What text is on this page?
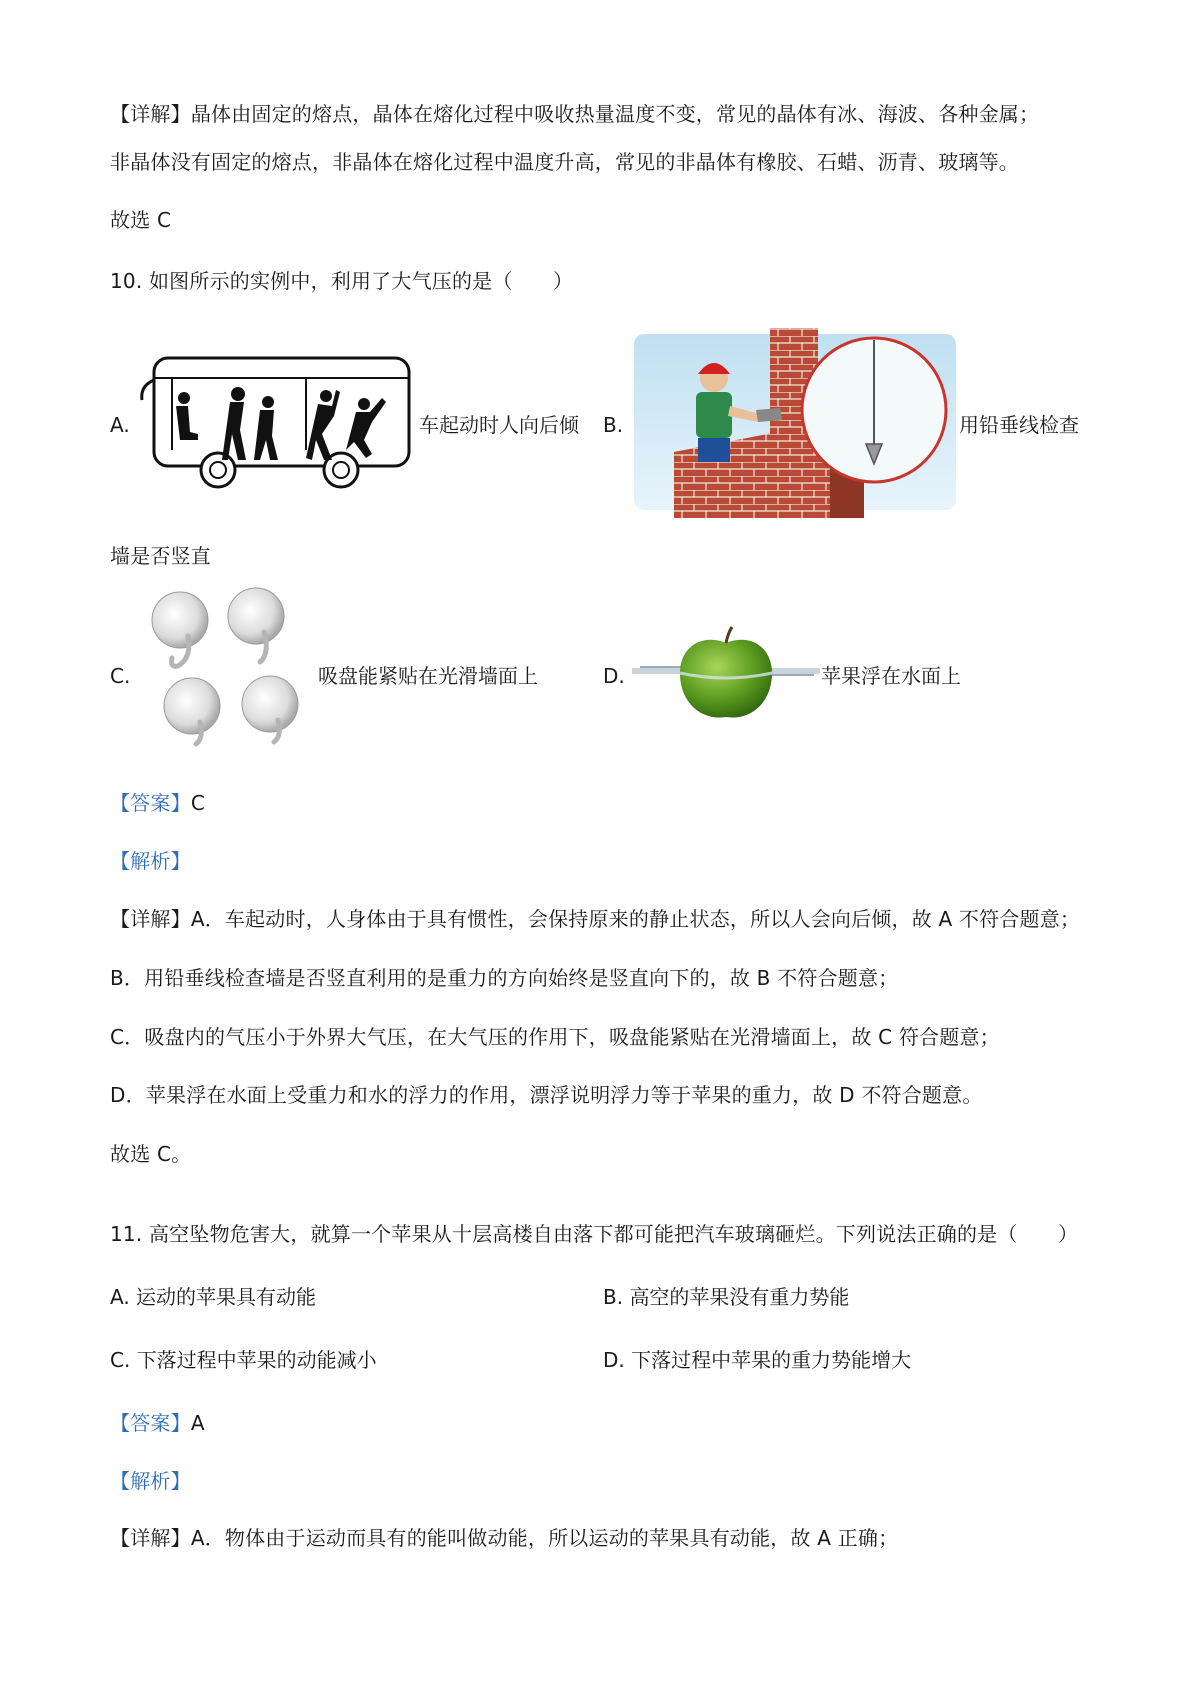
【详解】晶体由固定的熔点，晶体在熔化过程中吸收热量温度不变，常见的晶体有冰、海波、各种金属；
非晶体没有固定的熔点，非晶体在熔化过程中温度升高，常见的非晶体有橡胶、石蜡、沥青、玻璃等。
故选 C
10. 如图所示的实例中，利用了大气压的是（　　）
A.	车起动时人向后倾 B.	用铅垂线检查
墙是否竖直
C.	吸盘能紧贴在光滑墙面上	D.	苹果浮在水面上
【答案】C
【解析】
【详解】A．车起动时，人身体由于具有惯性，会保持原来的静止状态，所以人会向后倾，故 A 不符合题意；
B．用铅垂线检查墙是否竖直利用的是重力的方向始终是竖直向下的，故 B 不符合题意；
C．吸盘内的气压小于外界大气压，在大气压的作用下，吸盘能紧贴在光滑墙面上，故 C 符合题意；
D．苹果浮在水面上受重力和水的浮力的作用，漂浮说明浮力等于苹果的重力，故 D 不符合题意。
故选 C。
11. 高空坠物危害大，就算一个苹果从十层高楼自由落下都可能把汽车玻璃砸烂。下列说法正确的是（　　）
A. 运动的苹果具有动能	B. 高空的苹果没有重力势能
C. 下落过程中苹果的动能减小	D. 下落过程中苹果的重力势能增大
【答案】A
【解析】
【详解】A．物体由于运动而具有的能叫做动能，所以运动的苹果具有动能，故 A 正确；
